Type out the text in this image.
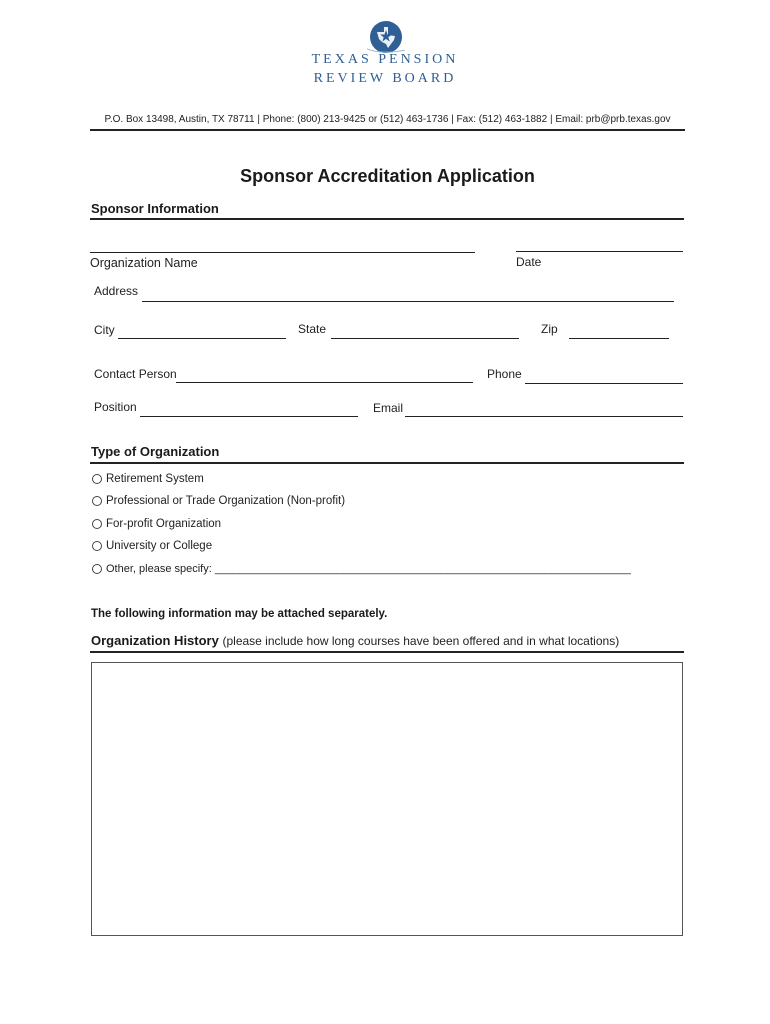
TEXAS PENSION
REVIEW BOARD
P.O. Box 13498, Austin, TX 78711 | Phone: (800) 213-9425 or (512) 463-1736 | Fax: (512) 463-1882 | Email: prb@prb.texas.gov
Sponsor Accreditation Application
Sponsor Information
Organization Name	Date
Address
City	State	Zip
Contact Person	Phone
Position	Email
Type of Organization
Retirement System
Professional or Trade Organization (Non-profit)
For-profit Organization
University or College
Other, please specify: ____________________________________________________________________
The following information may be attached separately.
Organization History (please include how long courses have been offered and in what locations)
